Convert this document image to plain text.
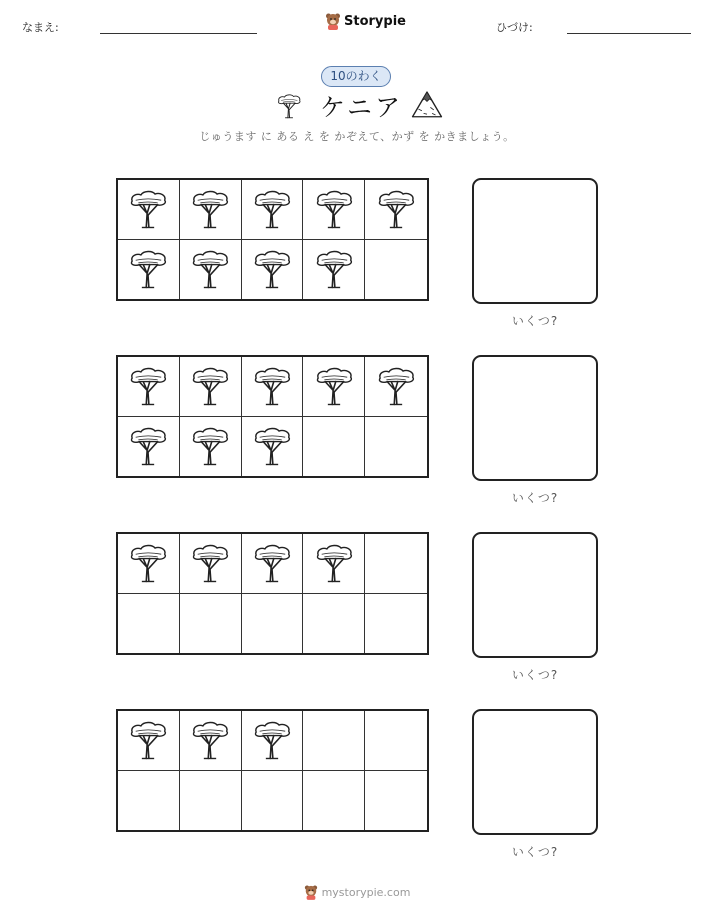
なまえ:	Storypie	ひづけ:
10のわく
ケニア
じゅうます に ある え を かぞえて、かず を かきましょう。
いくつ?
いくつ?
いくつ?
いくつ?
mystorypie.com
